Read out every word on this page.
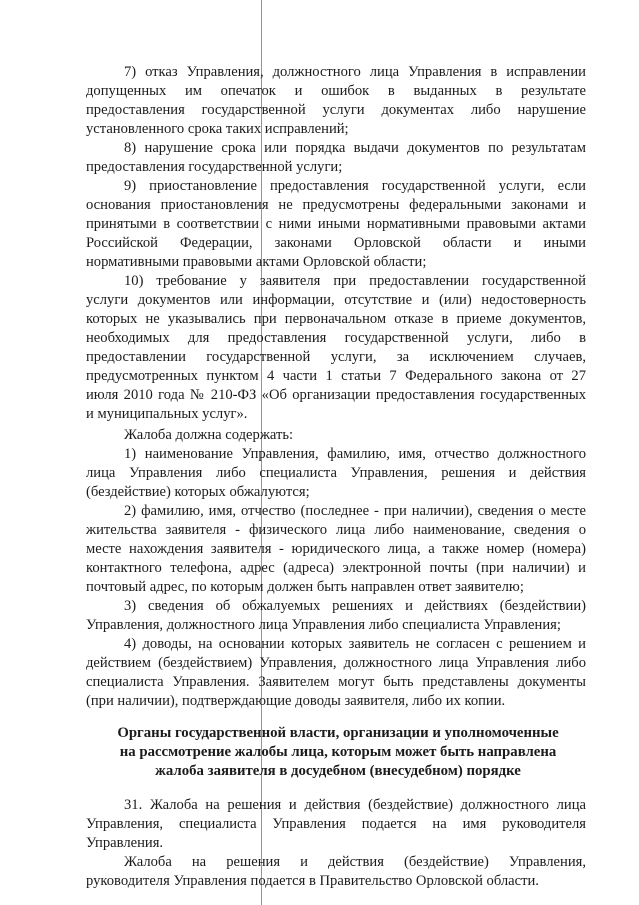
7) отказ Управления, должностного лица Управления в исправлении
допущенных им опечаток и ошибок в выданных в результате
предоставления государственной услуги документах либо нарушение
установленного срока таких исправлений;
8) нарушение срока или порядка выдачи документов по результатам
предоставления государственной услуги;
9) приостановление предоставления государственной услуги, если
основания приостановления не предусмотрены федеральными законами и
принятыми в соответствии с ними иными нормативными правовыми актами
Российской Федерации, законами Орловской области и иными
нормативными правовыми актами Орловской области;
10) требование у заявителя при предоставлении государственной
услуги документов или информации, отсутствие и (или) недостоверность
которых не указывались при первоначальном отказе в приеме документов,
необходимых для предоставления государственной услуги, либо в
предоставлении государственной услуги, за исключением случаев,
предусмотренных пунктом 4 части 1 статьи 7 Федерального закона от 27
июля 2010 года № 210-ФЗ «Об организации предоставления государственных
и муниципальных услуг».
Жалоба должна содержать:
1) наименование Управления, фамилию, имя, отчество должностного
лица Управления либо специалиста Управления, решения и действия
(бездействие) которых обжалуются;
2) фамилию, имя, отчество (последнее - при наличии), сведения о месте
жительства заявителя - физического лица либо наименование, сведения о
месте нахождения заявителя - юридического лица, а также номер (номера)
контактного телефона, адрес (адреса) электронной почты (при наличии) и
почтовый адрес, по которым должен быть направлен ответ заявителю;
3) сведения об обжалуемых решениях и действиях (бездействии)
Управления, должностного лица Управления либо специалиста Управления;
4) доводы, на основании которых заявитель не согласен с решением и
действием (бездействием) Управления, должностного лица Управления либо
специалиста Управления. Заявителем могут быть представлены документы
(при наличии), подтверждающие доводы заявителя, либо их копии.
Органы государственной власти, организации и уполномоченные
на рассмотрение жалобы лица, которым может быть направлена
жалоба заявителя в досудебном (внесудебном) порядке
31. Жалоба на решения и действия (бездействие) должностного лица
Управления, специалиста Управления подается на имя руководителя
Управления.
Жалоба на решения и действия (бездействие) Управления,
руководителя Управления подается в Правительство Орловской области.
